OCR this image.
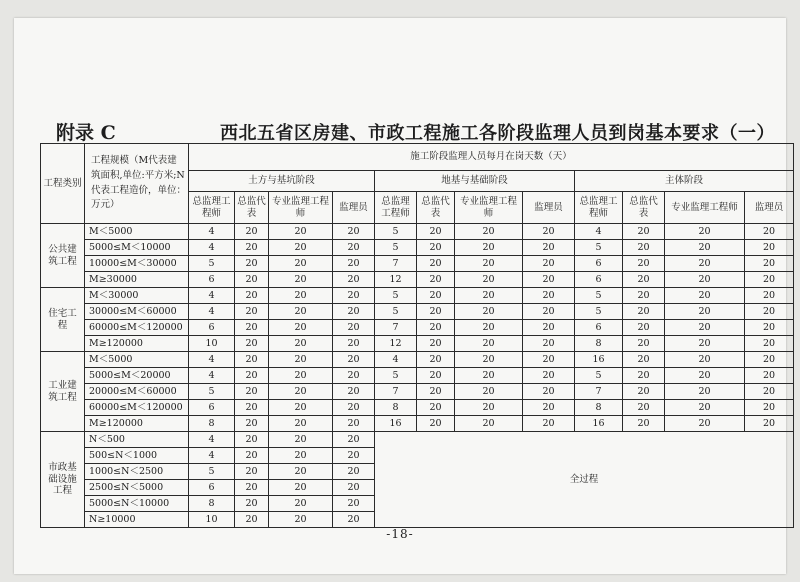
附录 C	西北五省区房建、市政工程施工各阶段监理人员到岗基本要求（一）
工程类别	工程规模（M代表建筑面积,单位:平方米;N代表工程造价，单位：万元）	施工阶段监理人员每月在岗天数（天）											
		土方与基坑阶段				地基与基础阶段				主体阶段			
		总监理工程师	总监代表	专业监理工程师	监理员	总监理工程师	总监代表	专业监理工程师	监理员	总监理工程师	总监代表	专业监理工程师	监理员
公共建筑工程	M＜5000	4	20	20	20	5	20	20	20	4	20	20	20
	5000≤M＜10000	4	20	20	20	5	20	20	20	5	20	20	20
	10000≤M＜30000	5	20	20	20	7	20	20	20	6	20	20	20
	M≥30000	6	20	20	20	12	20	20	20	6	20	20	20
住宅工程	M＜30000	4	20	20	20	5	20	20	20	5	20	20	20
	30000≤M＜60000	4	20	20	20	5	20	20	20	5	20	20	20
	60000≤M＜120000	6	20	20	20	7	20	20	20	6	20	20	20
	M≥120000	10	20	20	20	12	20	20	20	8	20	20	20
工业建筑工程	M＜5000	4	20	20	20	4	20	20	20	16	20	20	20
	5000≤M＜20000	4	20	20	20	5	20	20	20	5	20	20	20
	20000≤M＜60000	5	20	20	20	7	20	20	20	7	20	20	20
	60000≤M＜120000	6	20	20	20	8	20	20	20	8	20	20	20
	M≥120000	8	20	20	20	16	20	20	20	16	20	20	20
市政基础设施工程	N＜500	4	20	20	20	全过程							
	500≤N＜1000	4	20	20	20								
	1000≤N＜2500	5	20	20	20								
	2500≤N＜5000	6	20	20	20								
	5000≤N＜10000	8	20	20	20								
	N≥10000	10	20	20	20								
-18-
